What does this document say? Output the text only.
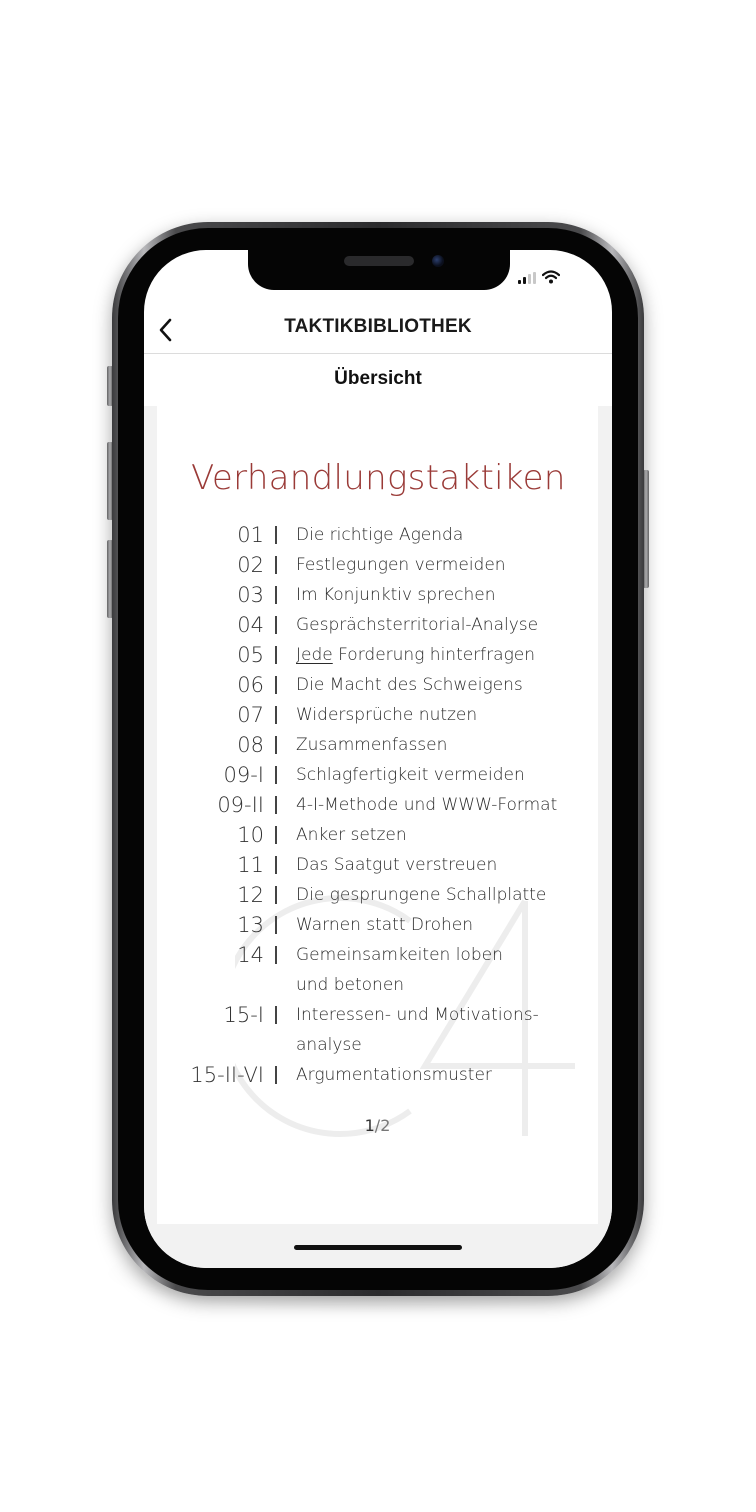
TAKTIKBIBLIOTHEK
Übersicht
Verhandlungstaktiken
01 Die richtige Agenda
02 Festlegungen vermeiden
03 Im Konjunktiv sprechen
04 Gesprächsterritorial-Analyse
05 Jede Forderung hinterfragen
06 Die Macht des Schweigens
07 Widersprüche nutzen
08 Zusammenfassen
09-I Schlagfertigkeit vermeiden
09-II 4-I-Methode und WWW-Format
10 Anker setzen
11 Das Saatgut verstreuen
12 Die gesprungene Schallplatte
13 Warnen statt Drohen
14 Gemeinsamkeiten loben und betonen
15-I Interessen- und Motivations-analyse
15-II-VI Argumentationsmuster
1/2
